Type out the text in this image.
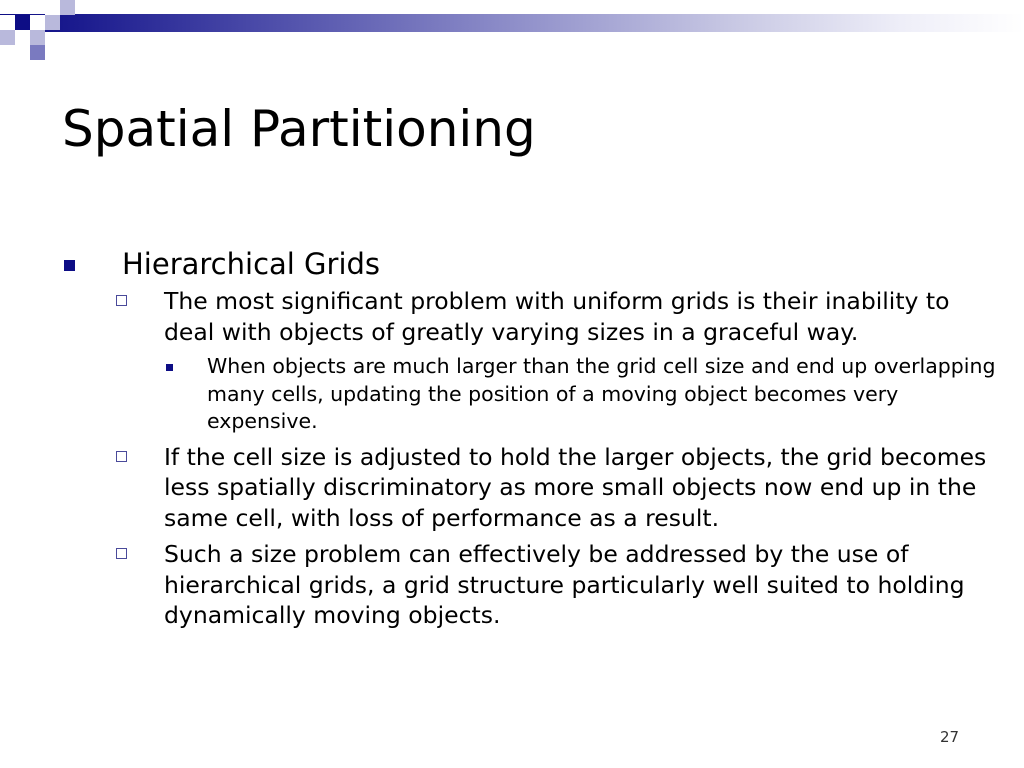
Spatial Partitioning
Hierarchical Grids
The most significant problem with uniform grids is their inability to deal with objects of greatly varying sizes in a graceful way.
When objects are much larger than the grid cell size and end up overlapping many cells, updating the position of a moving object becomes very expensive.
If the cell size is adjusted to hold the larger objects, the grid becomes less spatially discriminatory as more small objects now end up in the same cell, with loss of performance as a result.
Such a size problem can effectively be addressed by the use of hierarchical grids, a grid structure particularly well suited to holding dynamically moving objects.
27
